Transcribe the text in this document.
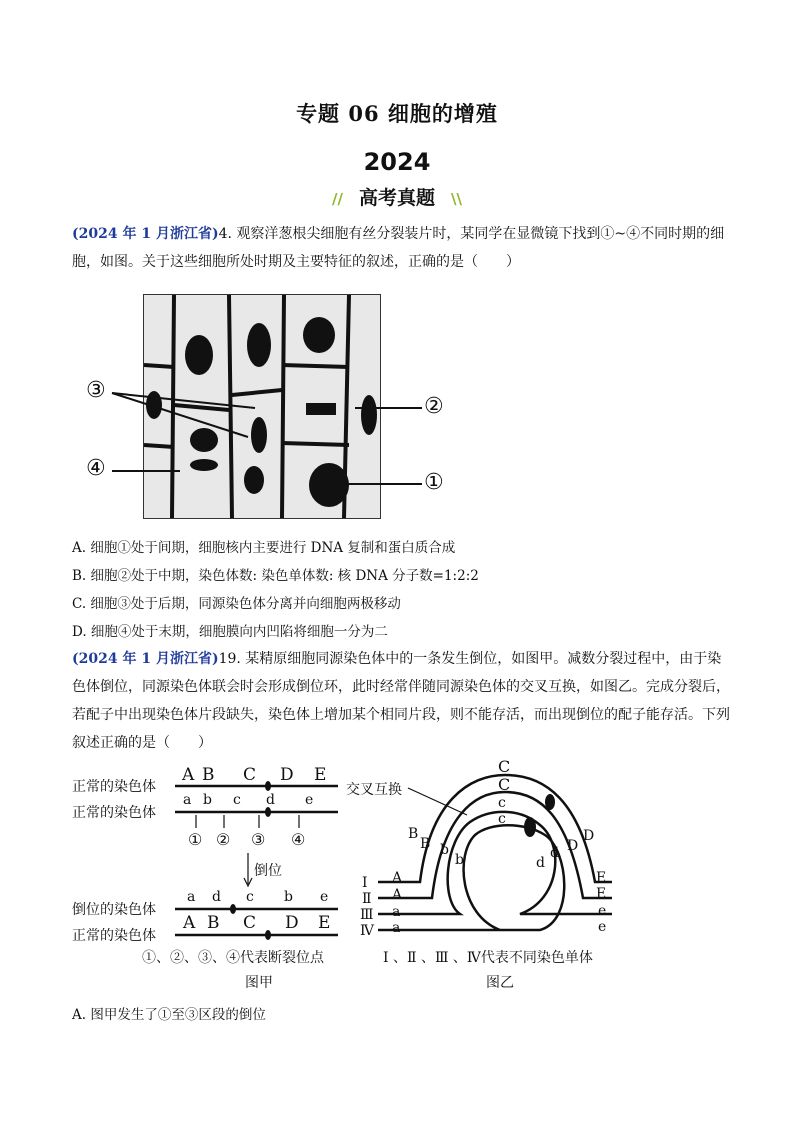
专题 06 细胞的增殖
2024
// 高考真题 \\
(2024 年 1 月浙江省)4. 观察洋葱根尖细胞有丝分裂装片时，某同学在显微镜下找到①~④不同时期的细胞，如图。关于这些细胞所处时期及主要特征的叙述，正确的是（　　）
③
②
④
①
A. 细胞①处于间期，细胞核内主要进行 DNA 复制和蛋白质合成
B. 细胞②处于中期，染色体数: 染色单体数: 核 DNA 分子数=1:2:2
C. 细胞③处于后期，同源染色体分离并向细胞两极移动
D. 细胞④处于末期，细胞膜向内凹陷将细胞一分为二
(2024 年 1 月浙江省)19. 某精原细胞同源染色体中的一条发生倒位，如图甲。减数分裂过程中，由于染色体倒位，同源染色体联会时会形成倒位环，此时经常伴随同源染色体的交叉互换，如图乙。完成分裂后，若配子中出现染色体片段缺失，染色体上增加某个相同片段，则不能存活，而出现倒位的配子能存活。下列叙述正确的是（　　）
正常的染色体
正常的染色体
倒位的染色体
正常的染色体
A B C D E
a b c d e
① ② ③ ④
倒位
a d c b e
A B C D E
①、②、③、④代表断裂位点
图甲
交叉互换
C
C
c
c
B
B b
b
D
D
d
d
A
A
a
a
E
E
e
e
Ⅰ
Ⅱ
Ⅲ
Ⅳ
Ⅰ 、Ⅱ 、Ⅲ 、Ⅳ代表不同染色单体
图乙
A. 图甲发生了①至③区段的倒位
